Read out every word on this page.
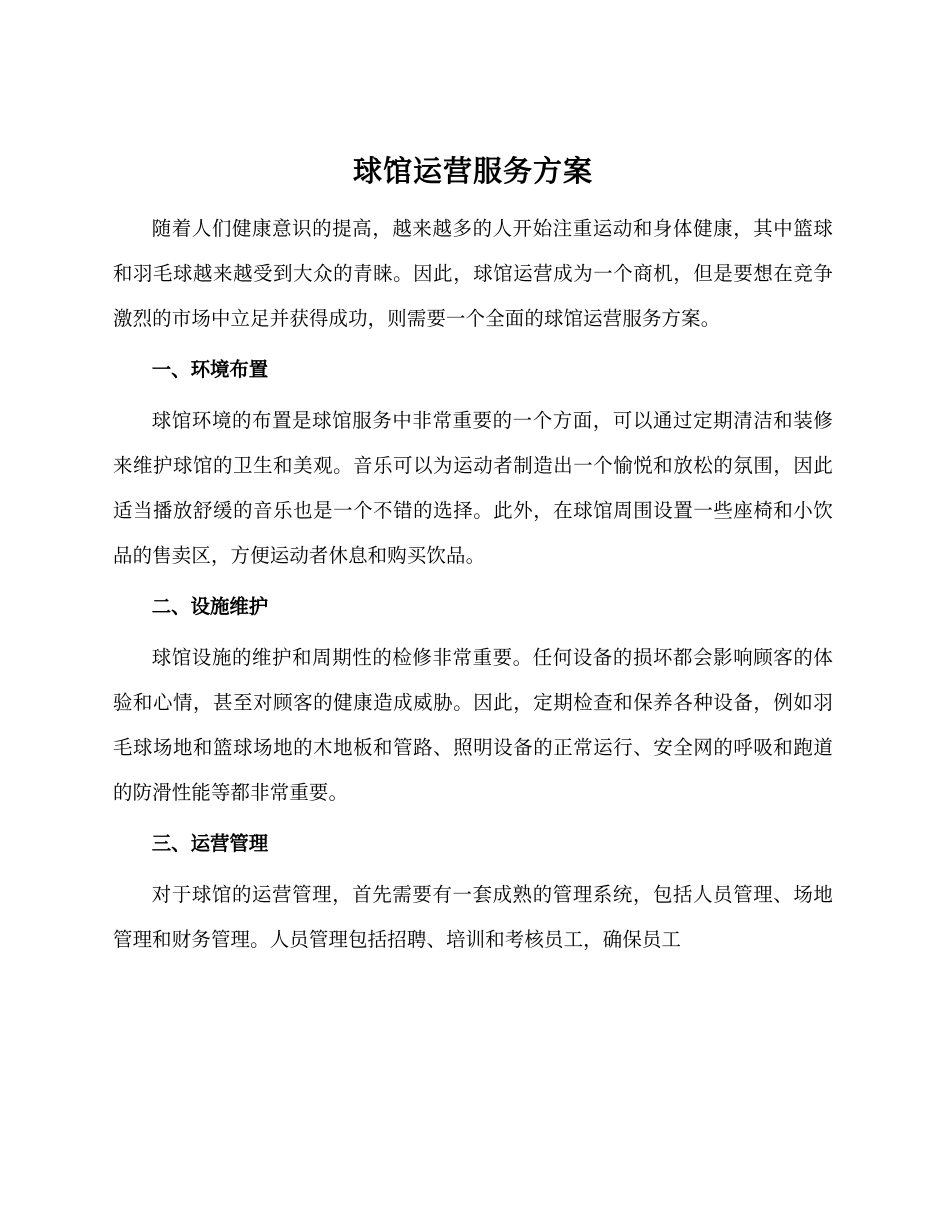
球馆运营服务方案

随着人们健康意识的提高，越来越多的人开始注重运动和身体健康，其中篮球和羽毛球越来越受到大众的青睐。因此，球馆运营成为一个商机，但是要想在竞争激烈的市场中立足并获得成功，则需要一个全面的球馆运营服务方案。

一、环境布置

球馆环境的布置是球馆服务中非常重要的一个方面，可以通过定期清洁和装修来维护球馆的卫生和美观。音乐可以为运动者制造出一个愉悦和放松的氛围，因此适当播放舒缓的音乐也是一个不错的选择。此外，在球馆周围设置一些座椅和小饮品的售卖区，方便运动者休息和购买饮品。

二、设施维护

球馆设施的维护和周期性的检修非常重要。任何设备的损坏都会影响顾客的体验和心情，甚至对顾客的健康造成威胁。因此，定期检查和保养各种设备，例如羽毛球场地和篮球场地的木地板和管路、照明设备的正常运行、安全网的呼吸和跑道的防滑性能等都非常重要。

三、运营管理

对于球馆的运营管理，首先需要有一套成熟的管理系统，包括人员管理、场地管理和财务管理。人员管理包括招聘、培训和考核员工，确保员工
